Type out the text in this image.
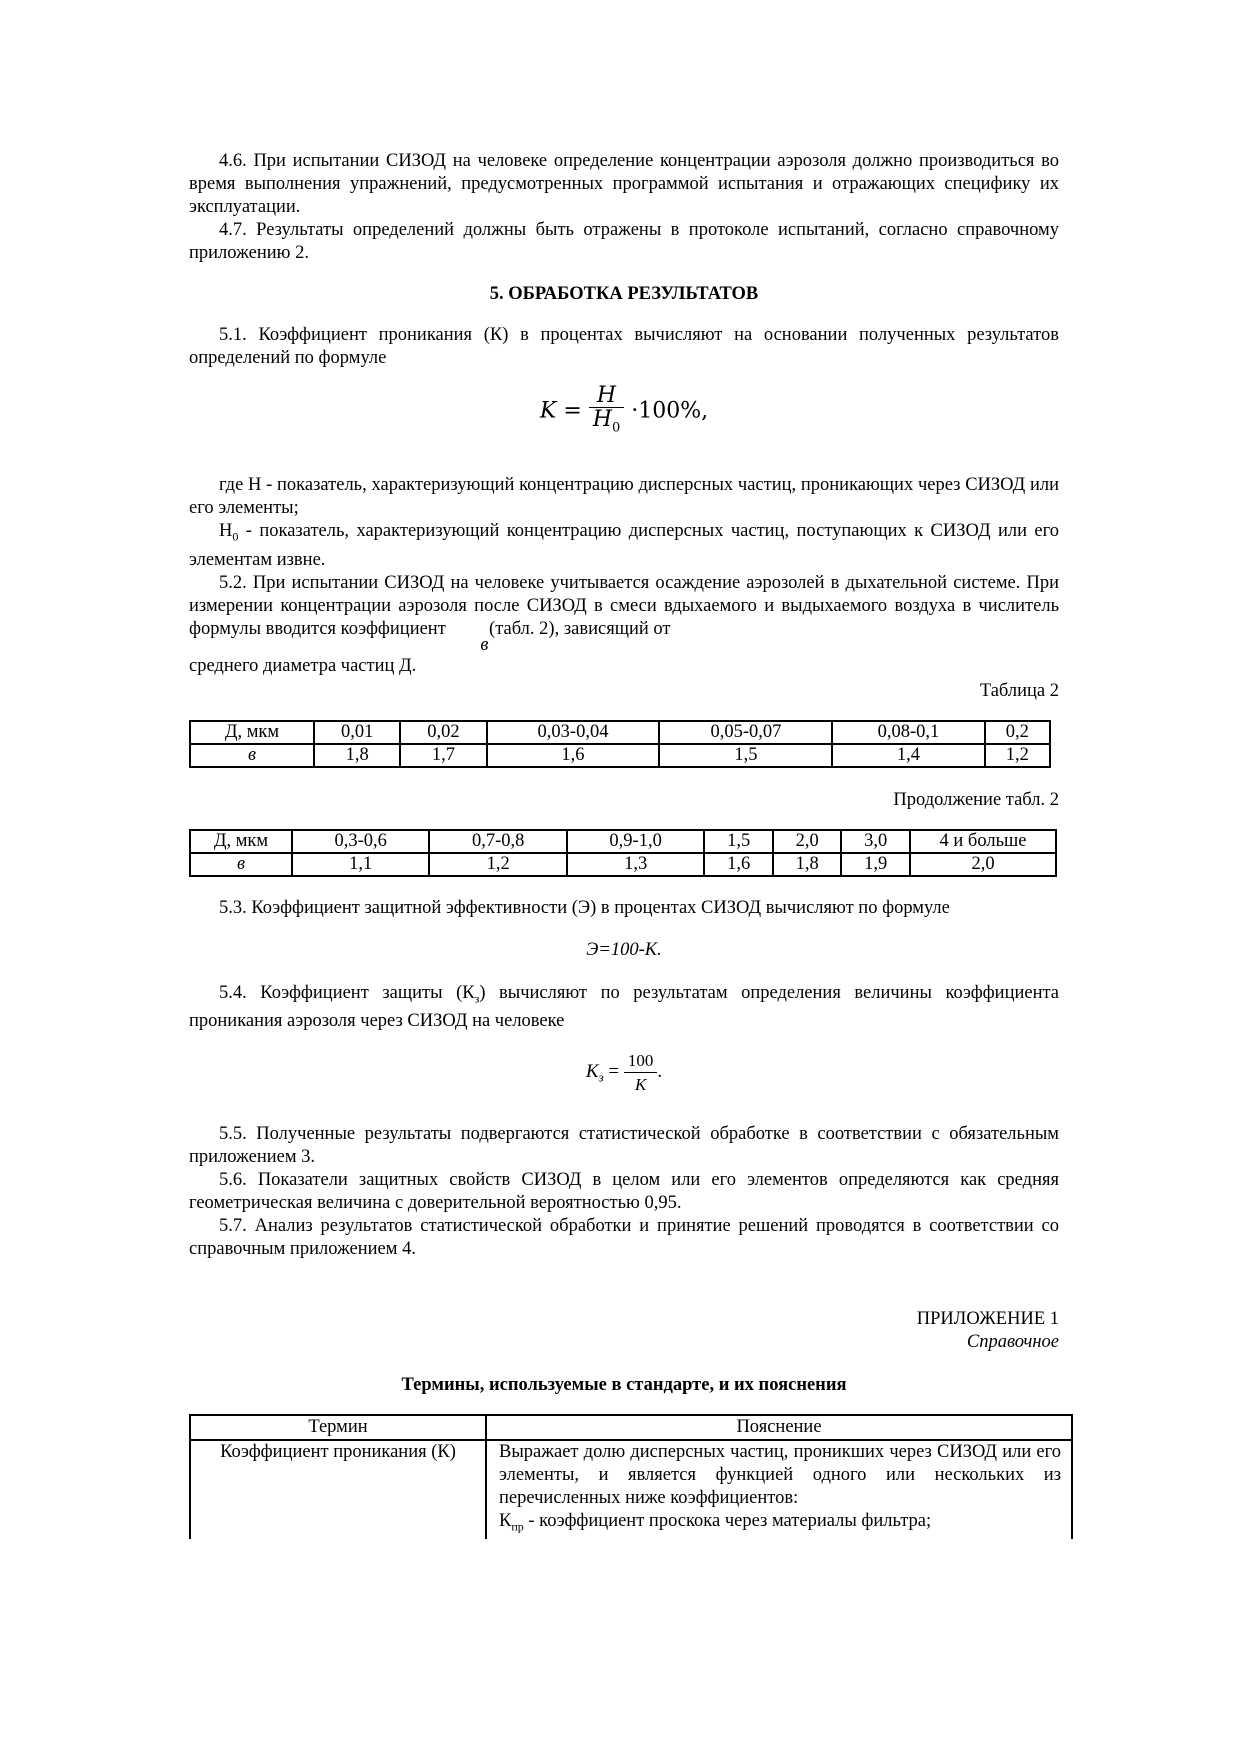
4.6. При испытании СИЗОД на человеке определение концентрации аэрозоля должно производиться во время выполнения упражнений, предусмотренных программой испытания и отражающих специфику их эксплуатации.

4.7. Результаты определений должны быть отражены в протоколе испытаний, согласно справочному приложению 2.

5. ОБРАБОТКА РЕЗУЛЬТАТОВ

5.1. Коэффициент проникания (К) в процентах вычисляют на основании полученных результатов определений по формуле

$K = \frac{H}{H_0} \cdot 100\%$,

где Н - показатель, характеризующий концентрацию дисперсных частиц, проникающих через СИЗОД или его элементы;

$Н_0$ - показатель, характеризующий концентрацию дисперсных частиц, поступающих к СИЗОД или его элементам извне.

5.2. При испытании СИЗОД на человеке учитывается осаждение аэрозолей в дыхательной системе. При измерении концентрации аэрозоля после СИЗОД в смеси вдыхаемого и выдыхаемого воздуха в числитель формулы вводится коэффициент в (табл. 2), зависящий от

среднего диаметра частиц Д.

Таблица 2

Д, мкм	0,01	0,02	0,03-0,04	0,05-0,07	0,08-0,1	0,2
в	1,8	1,7	1,6	1,5	1,4	1,2

Продолжение табл. 2

Д, мкм	0,3-0,6	0,7-0,8	0,9-1,0	1,5	2,0	3,0	4 и больше
в	1,1	1,2	1,3	1,6	1,8	1,9	2,0

5.3. Коэффициент защитной эффективности (Э) в процентах СИЗОД вычисляют по формуле

Э=100-К.

5.4. Коэффициент защиты $(К_з)$ вычисляют по результатам определения величины коэффициента проникания аэрозоля через СИЗОД на человеке

$K_з = \frac{100}{K}$ .

5.5. Полученные результаты подвергаются статистической обработке в соответствии с обязательным приложением 3.

5.6. Показатели защитных свойств СИЗОД в целом или его элементов определяются как средняя геометрическая величина с доверительной вероятностью 0,95.

5.7. Анализ результатов статистической обработки и принятие решений проводятся в соответствии со справочным приложением 4.

ПРИЛОЖЕНИЕ 1

Справочное

Термины, используемые в стандарте, и их пояснения

Термин	Пояснение
Коэффициент проникания (К)	Выражает долю дисперсных частиц, проникших через СИЗОД или его элементы, и является функцией одного или нескольких из перечисленных ниже коэффициентов:
$К_{пр}$ - коэффициент проскока через материалы фильтра;
